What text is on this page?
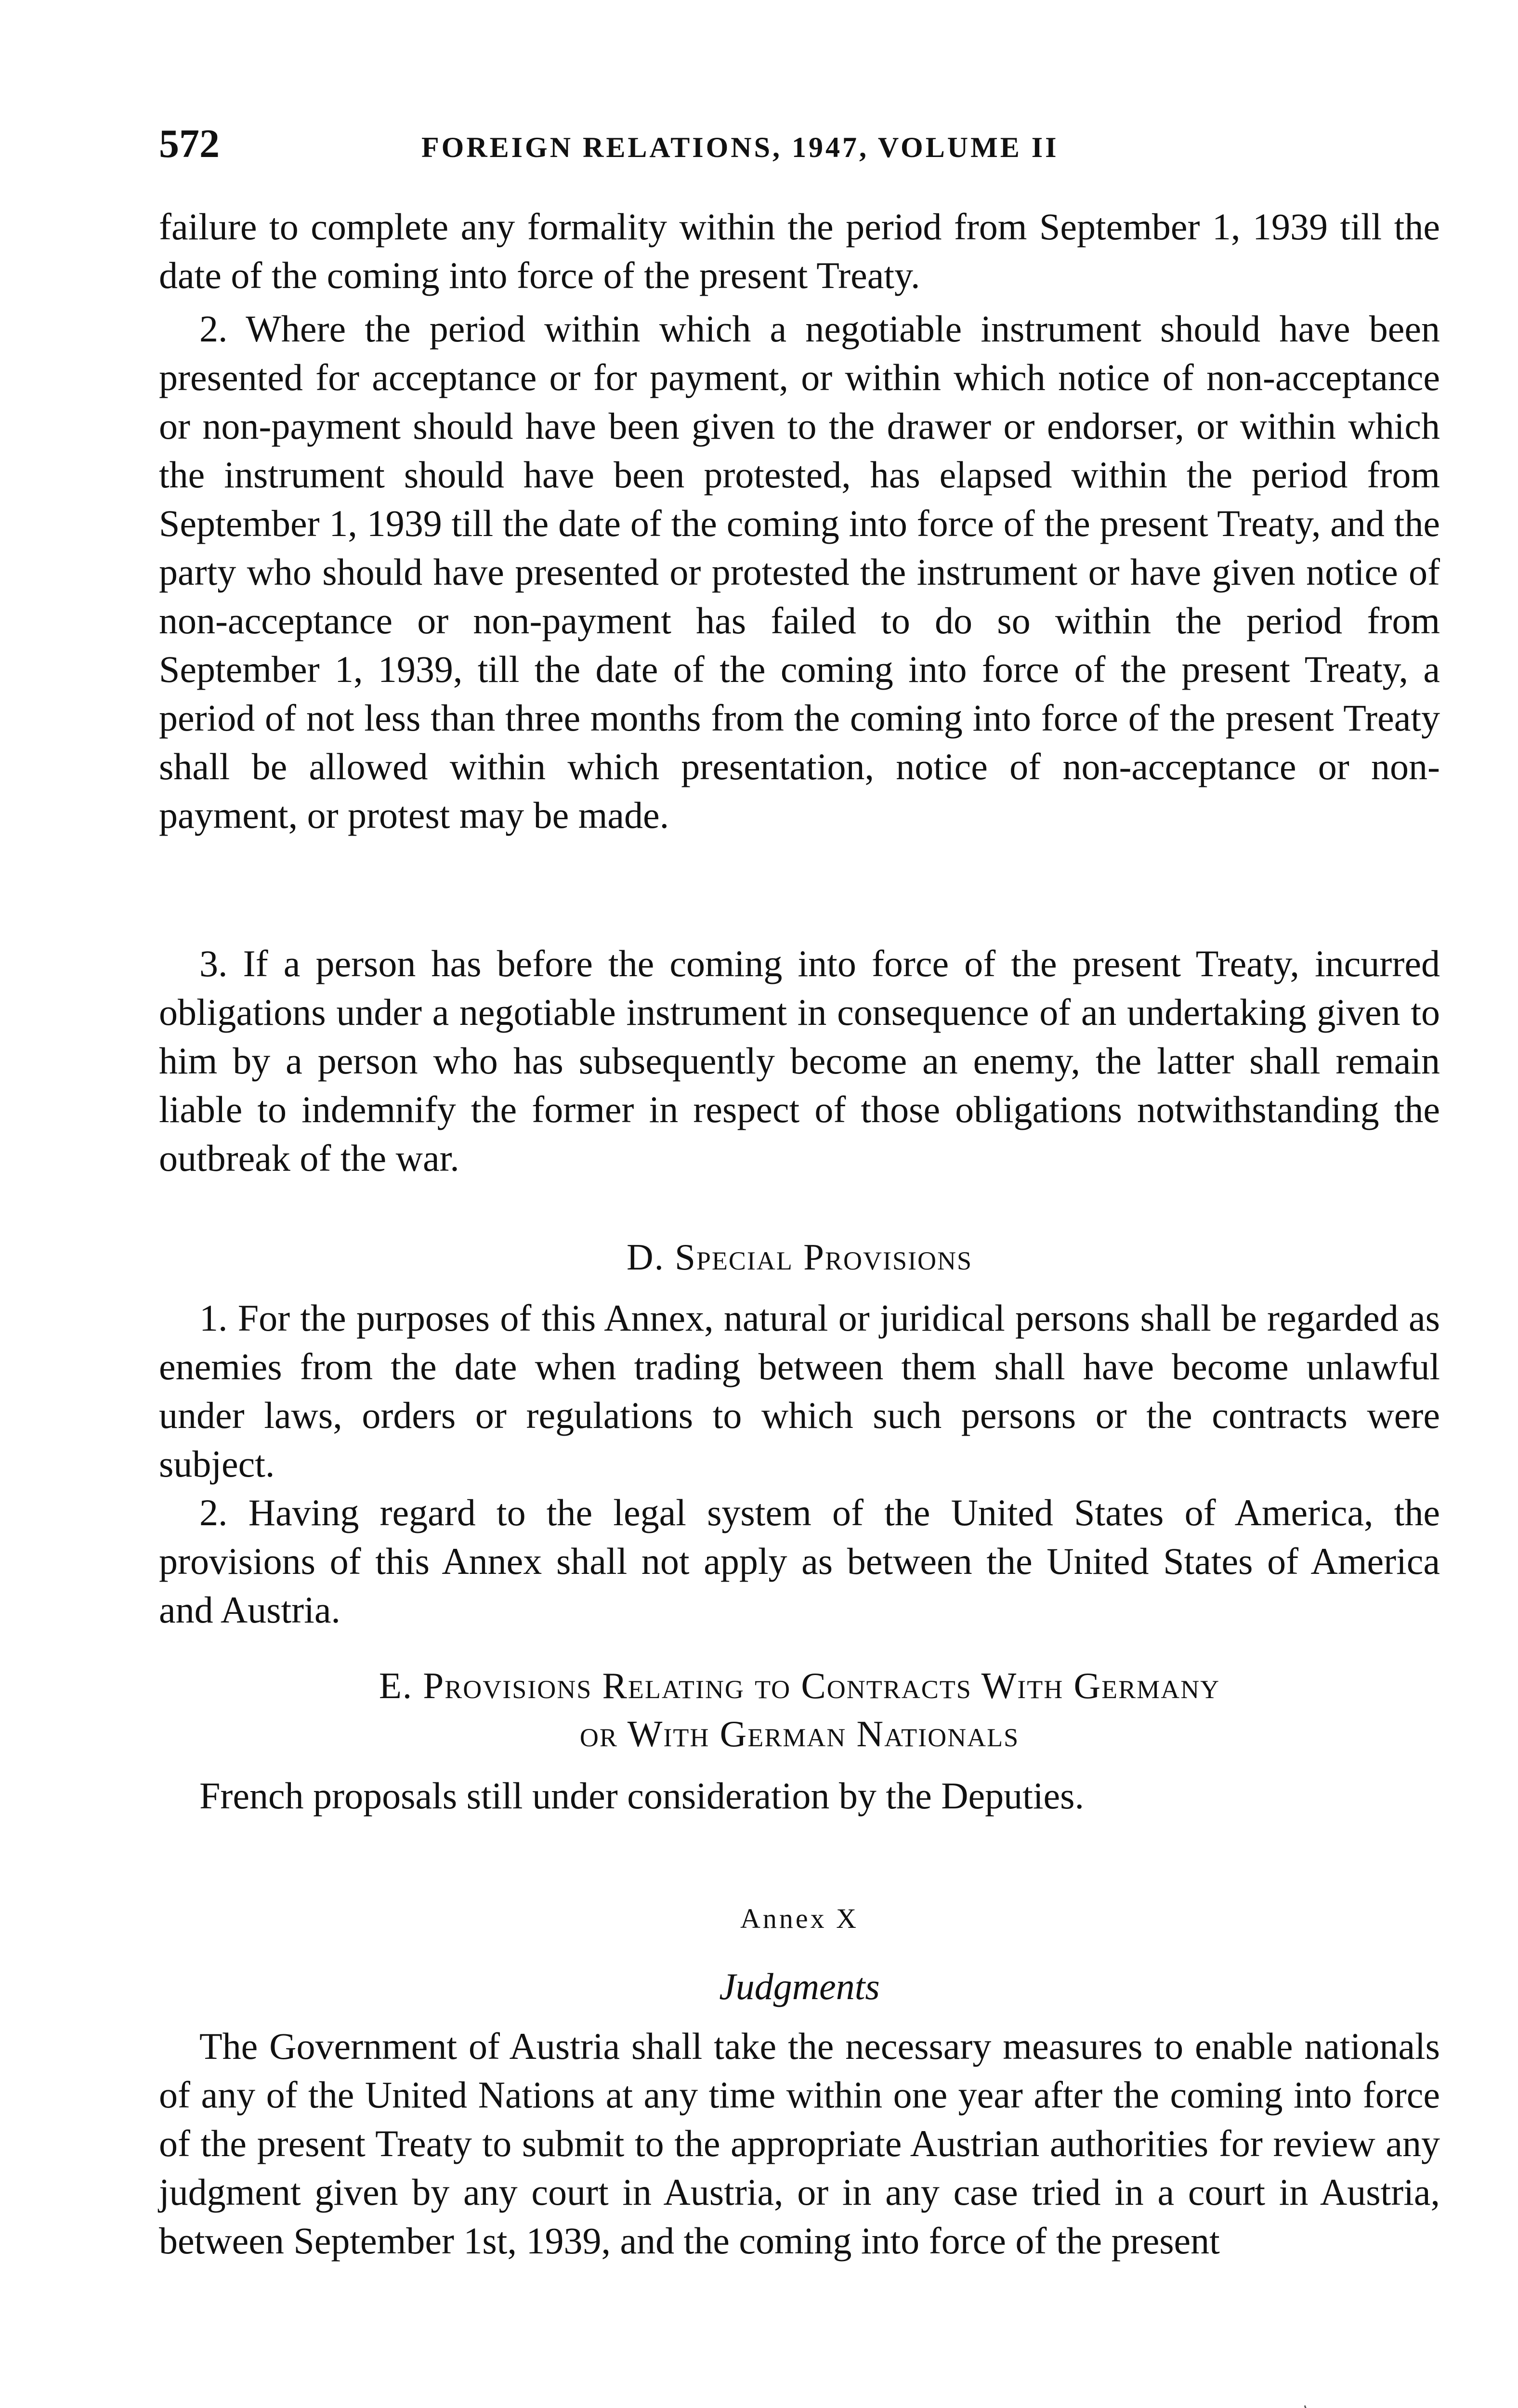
572	FOREIGN RELATIONS, 1947, VOLUME II

failure to complete any formality within the period from September 1, 1939 till the date of the coming into force of the present Treaty.

2. Where the period within which a negotiable instrument should have been presented for acceptance or for payment, or within which notice of non-acceptance or non-payment should have been given to the drawer or endorser, or within which the instrument should have been protested, has elapsed within the period from September 1, 1939 till the date of the coming into force of the present Treaty, and the party who should have presented or protested the instrument or have given notice of non-acceptance or non-payment has failed to do so within the period from September 1, 1939, till the date of the coming into force of the present Treaty, a period of not less than three months from the coming into force of the present Treaty shall be allowed within which presentation, notice of non-acceptance or non-payment, or protest may be made.

3. If a person has before the coming into force of the present Treaty, incurred obligations under a negotiable instrument in consequence of an undertaking given to him by a person who has subsequently become an enemy, the latter shall remain liable to indemnify the former in respect of those obligations notwithstanding the outbreak of the war.

D. Special Provisions

1. For the purposes of this Annex, natural or juridical persons shall be regarded as enemies from the date when trading between them shall have become unlawful under laws, orders or regulations to which such persons or the contracts were subject.

2. Having regard to the legal system of the United States of America, the provisions of this Annex shall not apply as between the United States of America and Austria.

E. Provisions Relating to Contracts With Germany
or With German Nationals

French proposals still under consideration by the Deputies.

Annex X
Judgments

The Government of Austria shall take the necessary measures to enable nationals of any of the United Nations at any time within one year after the coming into force of the present Treaty to submit to the appropriate Austrian authorities for review any judgment given by any court in Austria, or in any case tried in a court in Austria, between September 1st, 1939, and the coming into force of the present
